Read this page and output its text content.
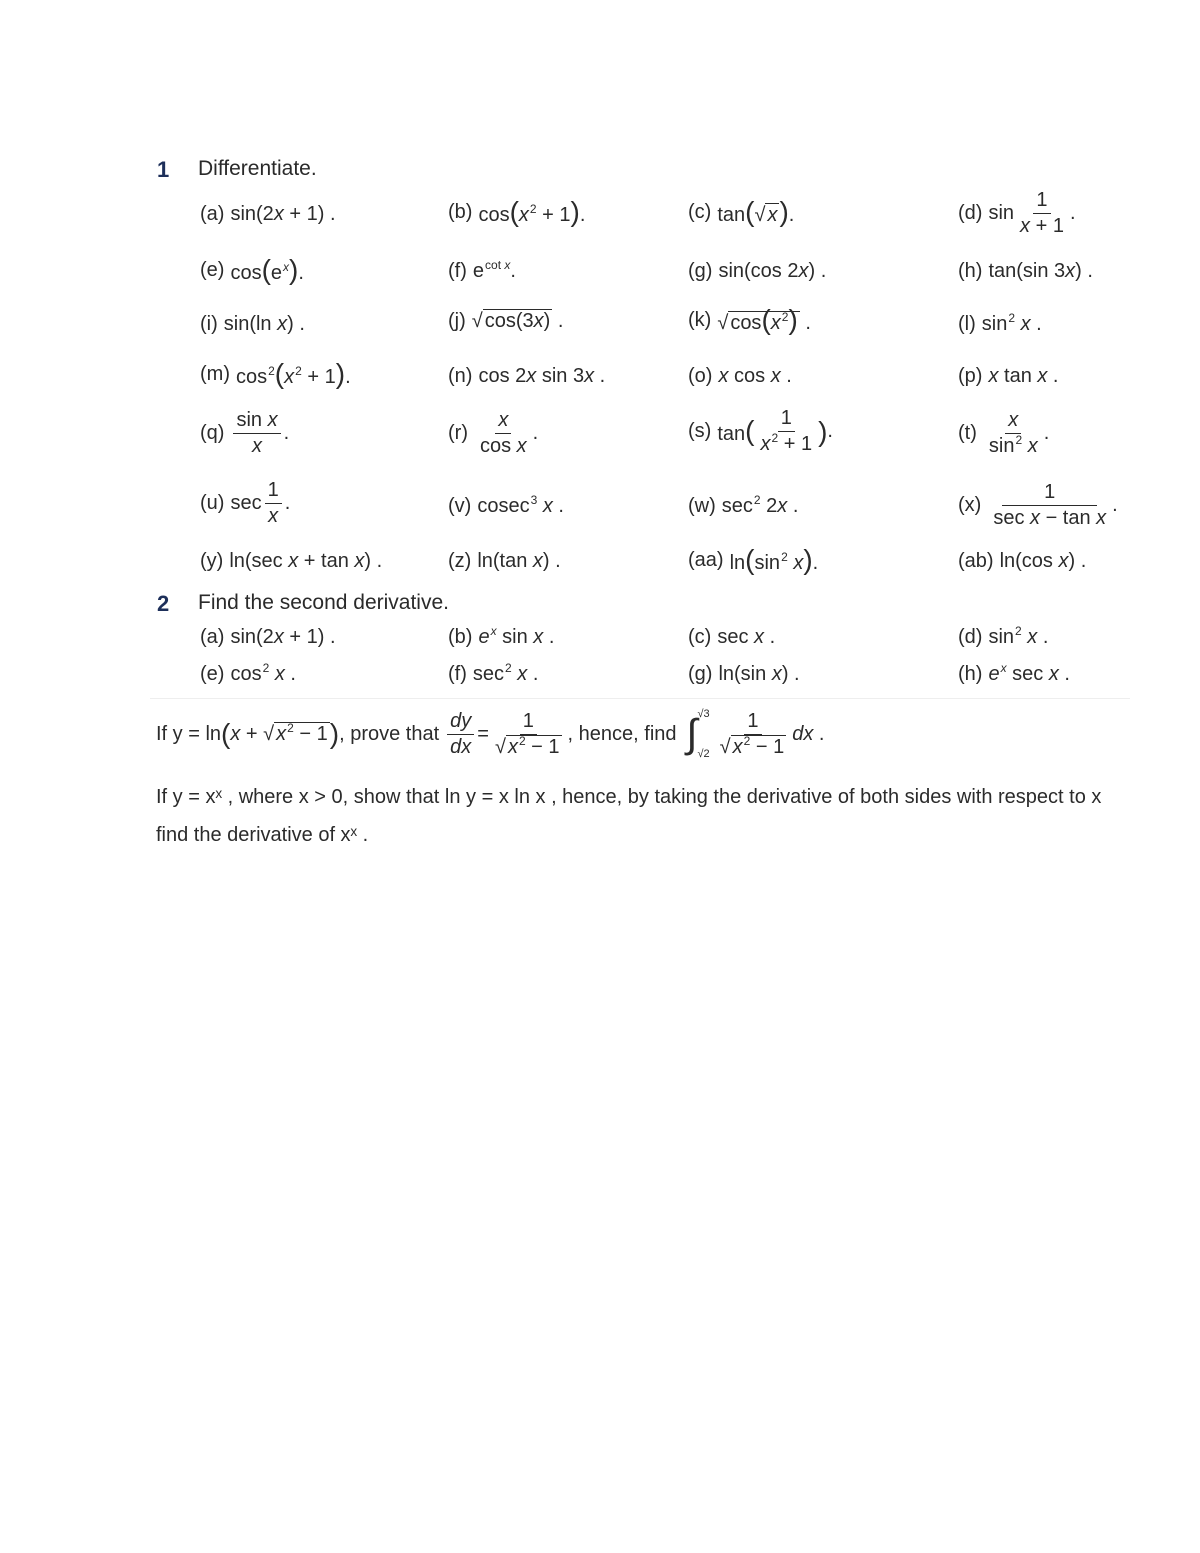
1 Differentiate.
(a) sin(2x + 1) .	(b) $\cos(x^2 + 1)$.	(c) tan(√ x).	(d) $\sin \frac{1}{x + 1}$ .
(e) $\cos(e^x)$.	(f) $e^{cot x}$.	(g) sin(cos 2x) .	(h) tan(sin 3x) .
(i) sin(ln x) .	(j) √ cos(3x) .	(k) √ $\cos(x^2)$ .	(l) $\sin^2 x$ .
(m) $\cos^2(x^2 + 1)$.	(n) cos 2x sin 3x .	(o) x cos x .	(p) x tan x .
$(q) \frac{\text{sin x}}{x}$ .	$(r) \frac{x}{\text{cos x}}$ .	(s) $\tan( \frac{1}{x^2 + 1}$ ) .	$(t) \frac{x}{\sin^2 x}$ .
(u) $\sec \frac{1}{x}$ .	(v) cosec$^3$ x .	(w) $\sec^2 2x$ .	$(x) \frac{1}{\text{sec x − tan x}}$ .
(y) ln(sec x + tan x) .	(z) ln(tan x) .	(aa) $\ln(\sin^2$ x).	(ab) ln(cos x) .
2 Find the second derivative.
(a) sin(2x + 1) .	(b) $e^x$ sin x .	(c) sec x .	(d) $\sin^2 x$ .
(e) $\cos^2 x$ .	(f) $\sec^2 x$ .	(g) ln(sin x) .	(h) $e^x$ sec x .
If y = ln ( x + √ $x^2 - 1$ ) , prove that $\frac{dy}{dx} = \frac{1}{√ x^2 - 1}$ , hence, find ∫ √3
$√2 \frac{1}{√ x^2 - 1}$ dx .
If y = xˣ , where x > 0, show that ln y = x ln x , hence, by taking the derivative of both sides with respect to x
find the derivative of xˣ .
